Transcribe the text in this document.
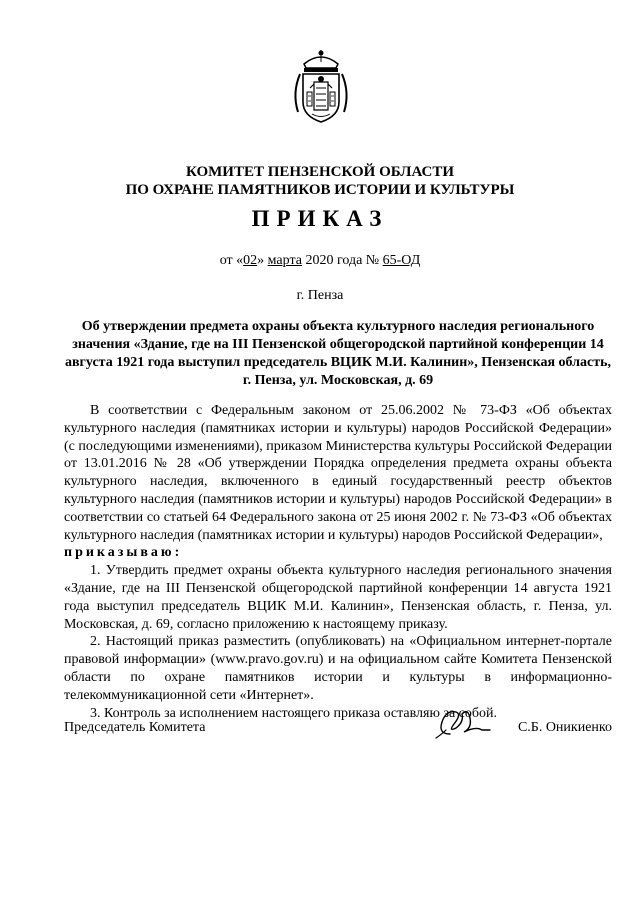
КОМИТЕТ ПЕНЗЕНСКОЙ ОБЛАСТИ
ПО ОХРАНЕ ПАМЯТНИКОВ ИСТОРИИ И КУЛЬТУРЫ
ПРИКАЗ
от «02» марта 2020 года № 65-ОД
г. Пенза
Об утверждении предмета охраны объекта культурного наследия регионального значения «Здание, где на III Пензенской общегородской партийной конференции 14 августа 1921 года выступил председатель ВЦИК М.И. Калинин», Пензенская область, г. Пенза, ул. Московская, д. 69

В соответствии с Федеральным законом от 25.06.2002 № 73-ФЗ «Об объектах культурного наследия (памятниках истории и культуры) народов Российской Федерации» (с последующими изменениями), приказом Министерства культуры Российской Федерации от 13.01.2016 № 28 «Об утверждении Порядка определения предмета охраны объекта культурного наследия, включенного в единый государственный реестр объектов культурного наследия (памятников истории и культуры) народов Российской Федерации» в соответствии со статьей 64 Федерального закона от 25 июня 2002 г. № 73-ФЗ «Об объектах культурного наследия (памятниках истории и культуры) народов Российской Федерации»,

приказываю:

1. Утвердить предмет охраны объекта культурного наследия регионального значения «Здание, где на III Пензенской общегородской партийной конференции 14 августа 1921 года выступил председатель ВЦИК М.И. Калинин», Пензенская область, г. Пенза, ул. Московская, д. 69, согласно приложению к настоящему приказу.

2. Настоящий приказ разместить (опубликовать) на «Официальном интернет-портале правовой информации» (www.pravo.gov.ru) и на официальном сайте Комитета Пензенской области по охране памятников истории и культуры в информационно-телекоммуникационной сети «Интернет».

3. Контроль за исполнением настоящего приказа оставляю за собой.

Председатель Комитета	С.Б. Оникиенко
